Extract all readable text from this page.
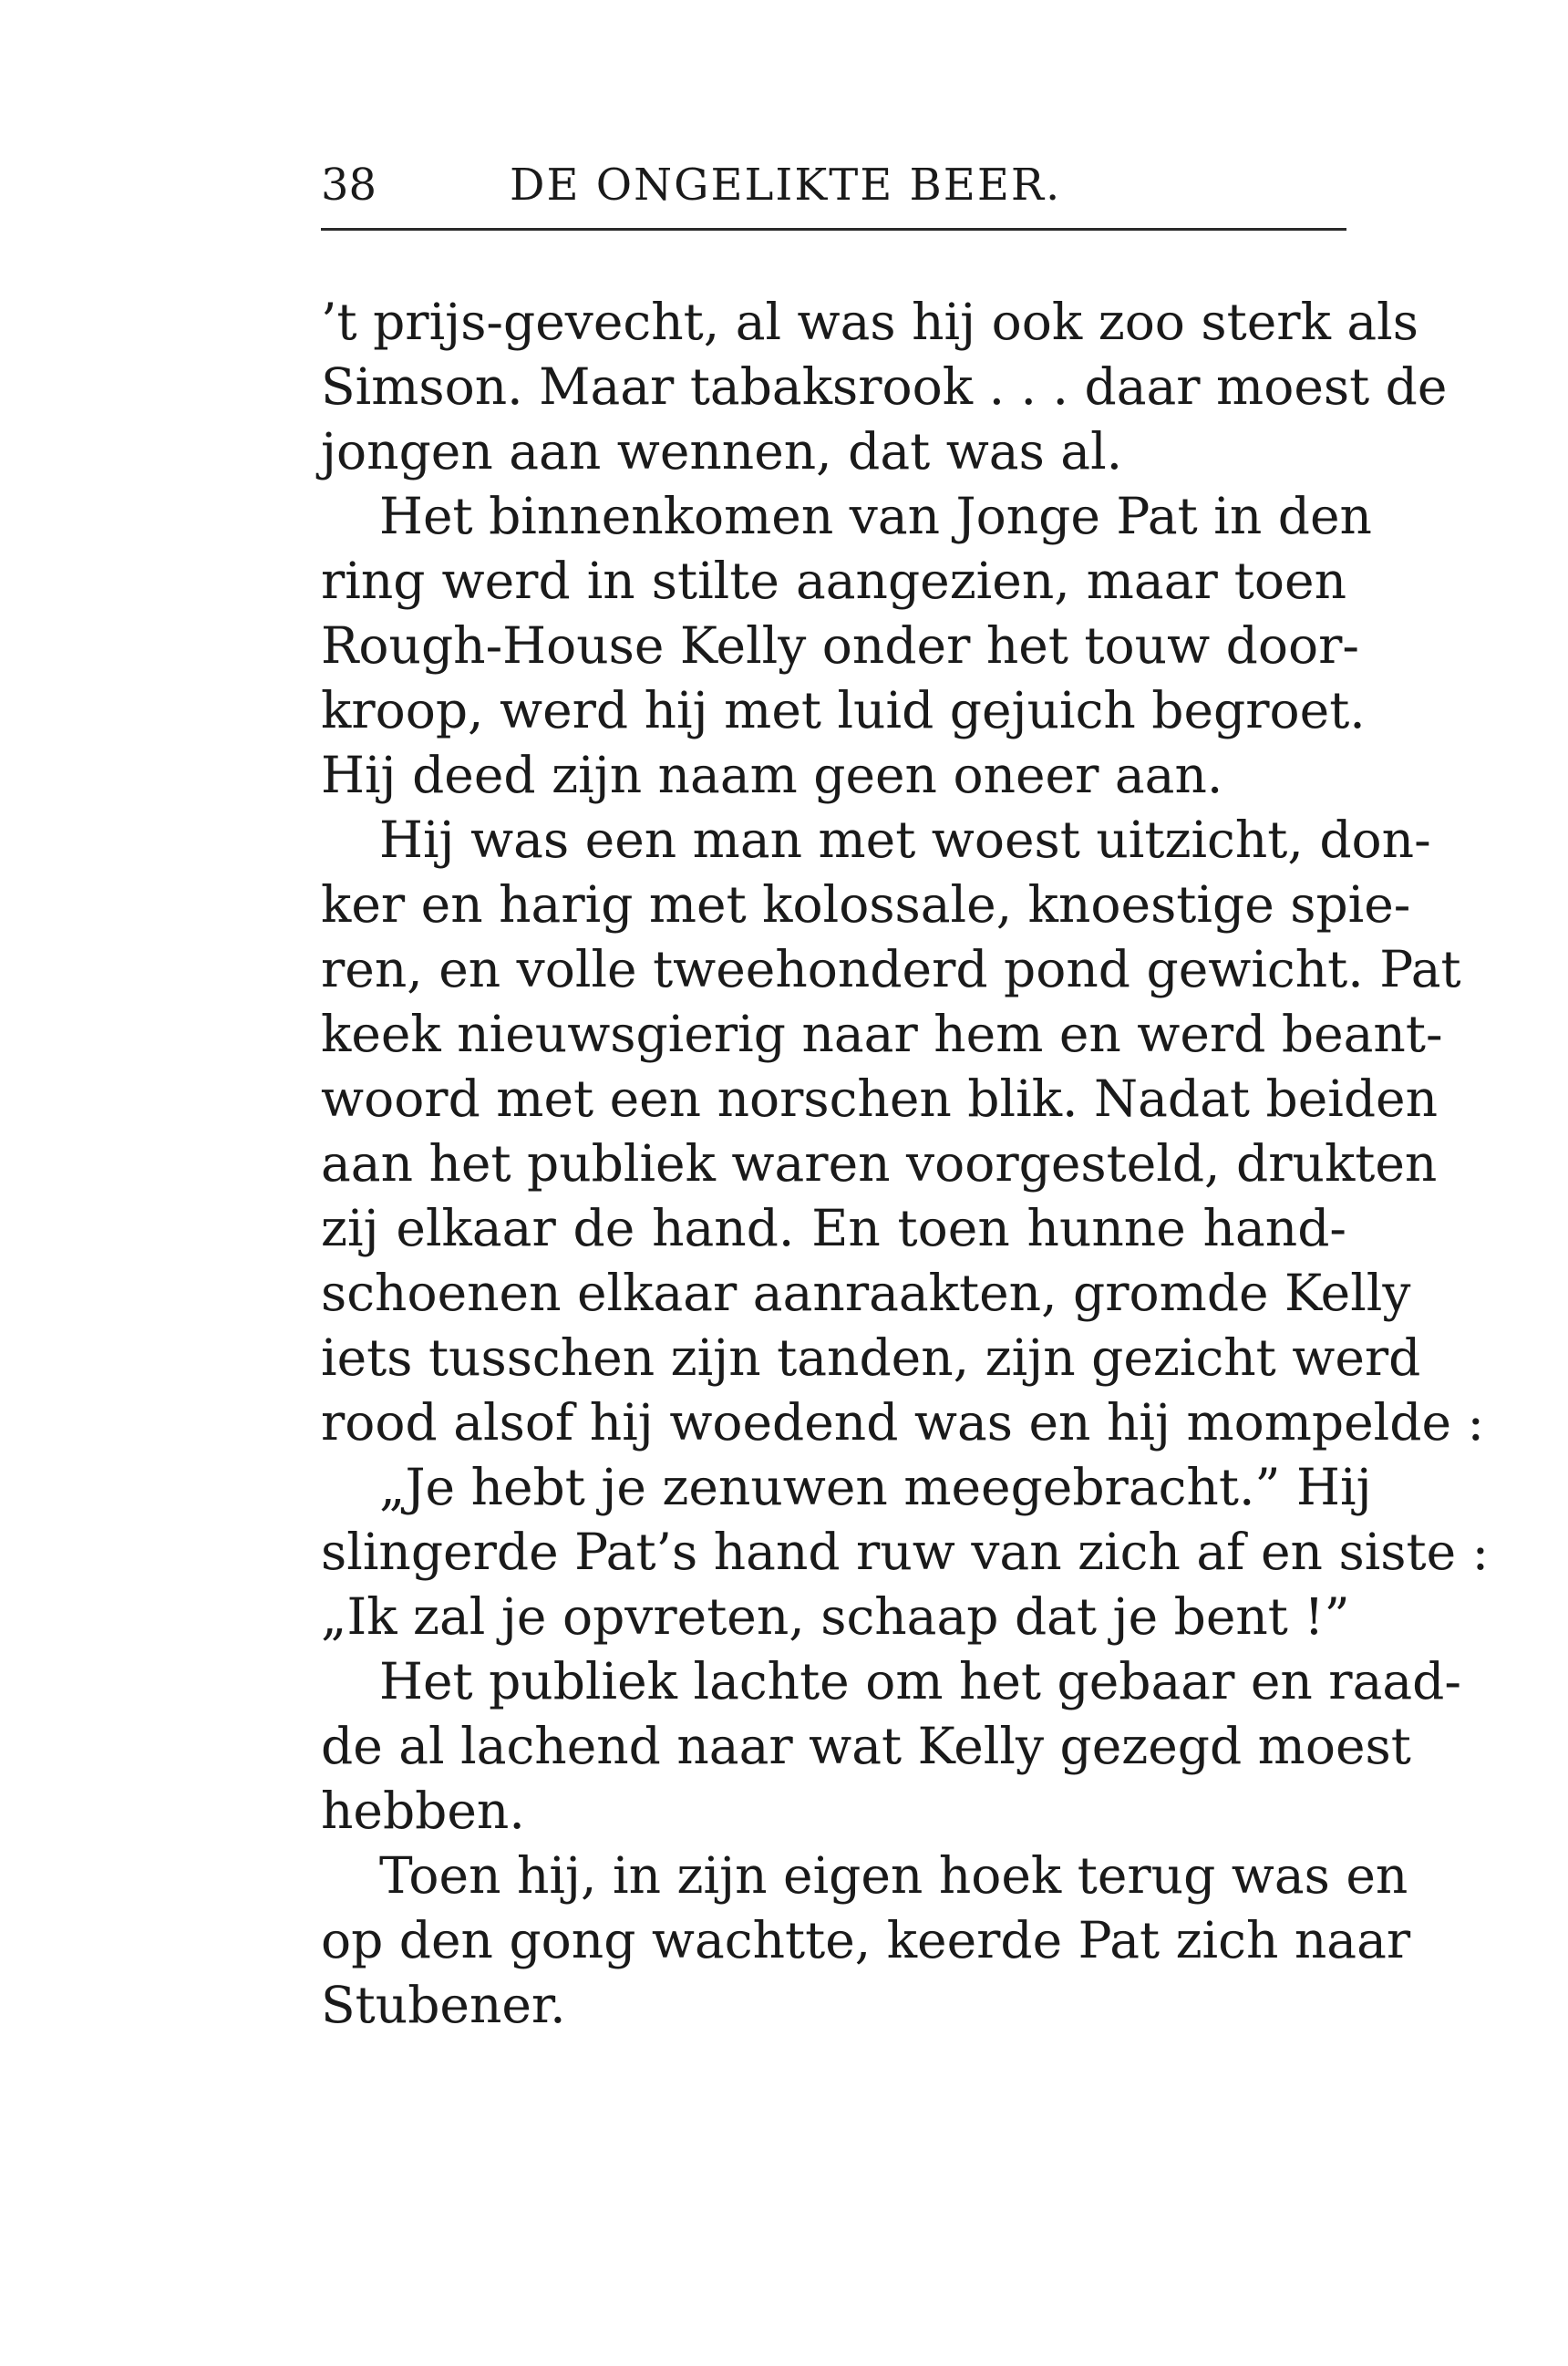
38	DE ONGELIKTE BEER.
’t prijs-gevecht, al was hij ook zoo sterk als
Simson. Maar tabaksrook . . . daar moest de
jongen aan wennen, dat was al.
Het binnenkomen van Jonge Pat in den
ring werd in stilte aangezien, maar toen
Rough-House Kelly onder het touw door-
kroop, werd hij met luid gejuich begroet.
Hij deed zijn naam geen oneer aan.
Hij was een man met woest uitzicht, don-
ker en harig met kolossale, knoestige spie-
ren, en volle tweehonderd pond gewicht. Pat
keek nieuwsgierig naar hem en werd beant-
woord met een norschen blik. Nadat beiden
aan het publiek waren voorgesteld, drukten
zij elkaar de hand. En toen hunne hand-
schoenen elkaar aanraakten, gromde Kelly
iets tusschen zijn tanden, zijn gezicht werd
rood alsof hij woedend was en hij mompelde :
„Je hebt je zenuwen meegebracht.” Hij
slingerde Pat’s hand ruw van zich af en siste :
„Ik zal je opvreten, schaap dat je bent !”
Het publiek lachte om het gebaar en raad-
de al lachend naar wat Kelly gezegd moest
hebben.
Toen hij, in zijn eigen hoek terug was en
op den gong wachtte, keerde Pat zich naar
Stubener.
